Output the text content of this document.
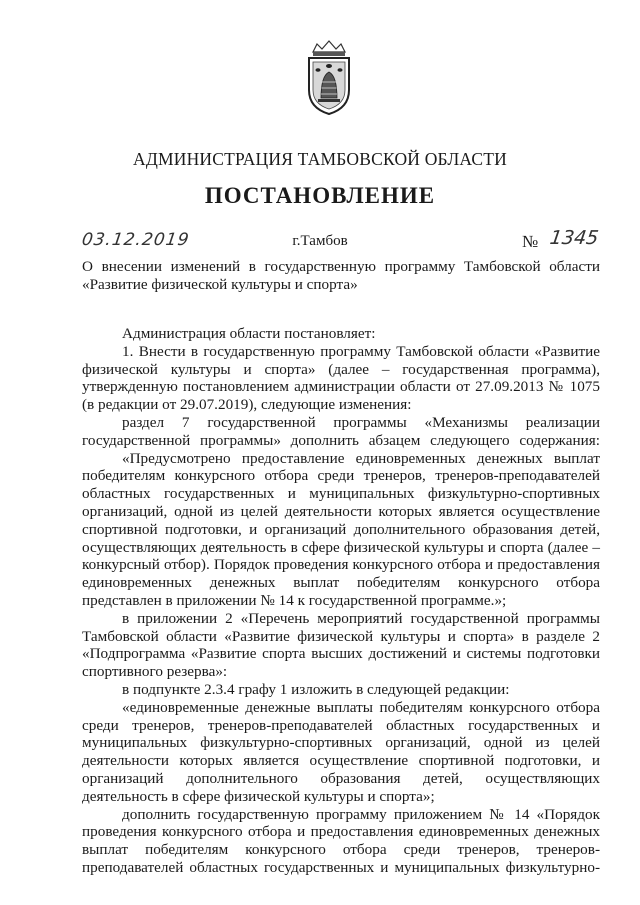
АДМИНИСТРАЦИЯ ТАМБОВСКОЙ ОБЛАСТИ
ПОСТАНОВЛЕНИЕ
03.12.2019	г.Тамбов	№ 1345
О внесении изменений в государственную программу Тамбовской области
«Развитие физической культуры и спорта»
Администрация области постановляет:
1. Внести в государственную программу Тамбовской области «Развитие
физической культуры и спорта» (далее – государственная программа),
утвержденную постановлением администрации области от 27.09.2013 № 1075
(в редакции от 29.07.2019), следующие изменения:
раздел 7 государственной программы «Механизмы реализации
государственной программы» дополнить абзацем следующего содержания:
«Предусмотрено предоставление единовременных денежных выплат
победителям конкурсного отбора среди тренеров, тренеров-преподавателей
областных государственных и муниципальных физкультурно-спортивных
организаций, одной из целей деятельности которых является осуществление
спортивной подготовки, и организаций дополнительного образования детей,
осуществляющих деятельность в сфере физической культуры и спорта (далее –
конкурсный отбор). Порядок проведения конкурсного отбора и предоставления
единовременных денежных выплат победителям конкурсного отбора
представлен в приложении № 14 к государственной программе.»;
в приложении 2 «Перечень мероприятий государственной программы
Тамбовской области «Развитие физической культуры и спорта» в разделе 2
«Подпрограмма «Развитие спорта высших достижений и системы подготовки
спортивного резерва»:
в подпункте 2.3.4 графу 1 изложить в следующей редакции:
«единовременные денежные выплаты победителям конкурсного отбора
среди тренеров, тренеров-преподавателей областных государственных и
муниципальных физкультурно-спортивных организаций, одной из целей
деятельности которых является осуществление спортивной подготовки, и
организаций дополнительного образования детей, осуществляющих
деятельность в сфере физической культуры и спорта»;
дополнить государственную программу приложением № 14 «Порядок
проведения конкурсного отбора и предоставления единовременных денежных
выплат победителям конкурсного отбора среди тренеров, тренеров-
преподавателей областных государственных и муниципальных физкультурно-
